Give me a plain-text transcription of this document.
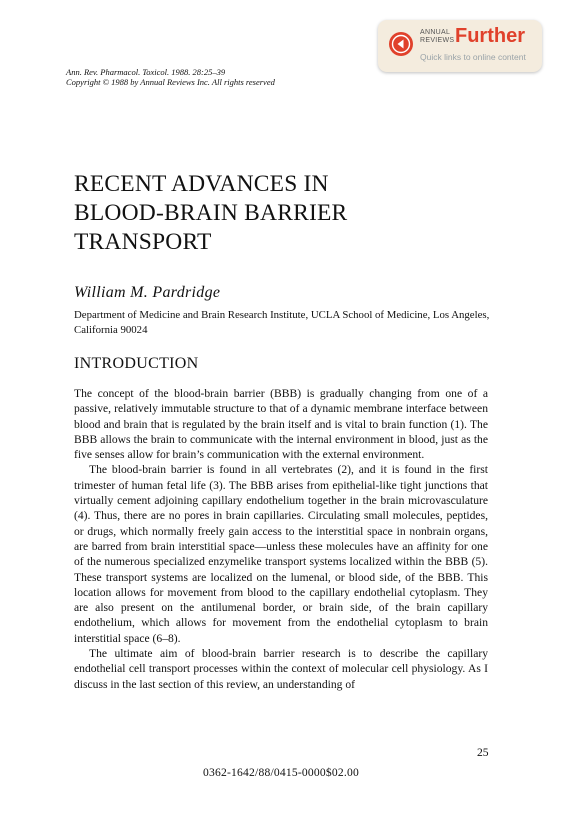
ANNUAL
REVIEWS Further
Quick links to online content
Ann. Rev. Pharmacol. Toxicol. 1988. 28:25–39
Copyright © 1988 by Annual Reviews Inc. All rights reserved
RECENT ADVANCES IN
BLOOD-BRAIN BARRIER
TRANSPORT
William M. Pardridge
Department of Medicine and Brain Research Institute, UCLA School of Medicine, Los Angeles, California 90024
INTRODUCTION

The concept of the blood-brain barrier (BBB) is gradually changing from one of a passive, relatively immutable structure to that of a dynamic membrane interface between blood and brain that is regulated by the brain itself and is vital to brain function (1). The BBB allows the brain to communicate with the internal environment in blood, just as the five senses allow for brain’s communication with the external environment.

The blood-brain barrier is found in all vertebrates (2), and it is found in the first trimester of human fetal life (3). The BBB arises from epithelial-like tight junctions that virtually cement adjoining capillary endothelium together in the brain microvasculature (4). Thus, there are no pores in brain capillaries. Circulating small molecules, peptides, or drugs, which normally freely gain access to the interstitial space in nonbrain organs, are barred from brain interstitial space—unless these molecules have an affinity for one of the numerous specialized enzymelike transport systems localized within the BBB (5). These transport systems are localized on the lumenal, or blood side, of the BBB. This location allows for movement from blood to the capillary endothelial cytoplasm. They are also present on the antilumenal border, or brain side, of the brain capillary endothelium, which allows for movement from the endothelial cytoplasm to brain interstitial space (6–8).

The ultimate aim of blood-brain barrier research is to describe the capillary endothelial cell transport processes within the context of molecular cell physiology. As I discuss in the last section of this review, an understanding of

25
0362-1642/88/0415-0000$02.00
